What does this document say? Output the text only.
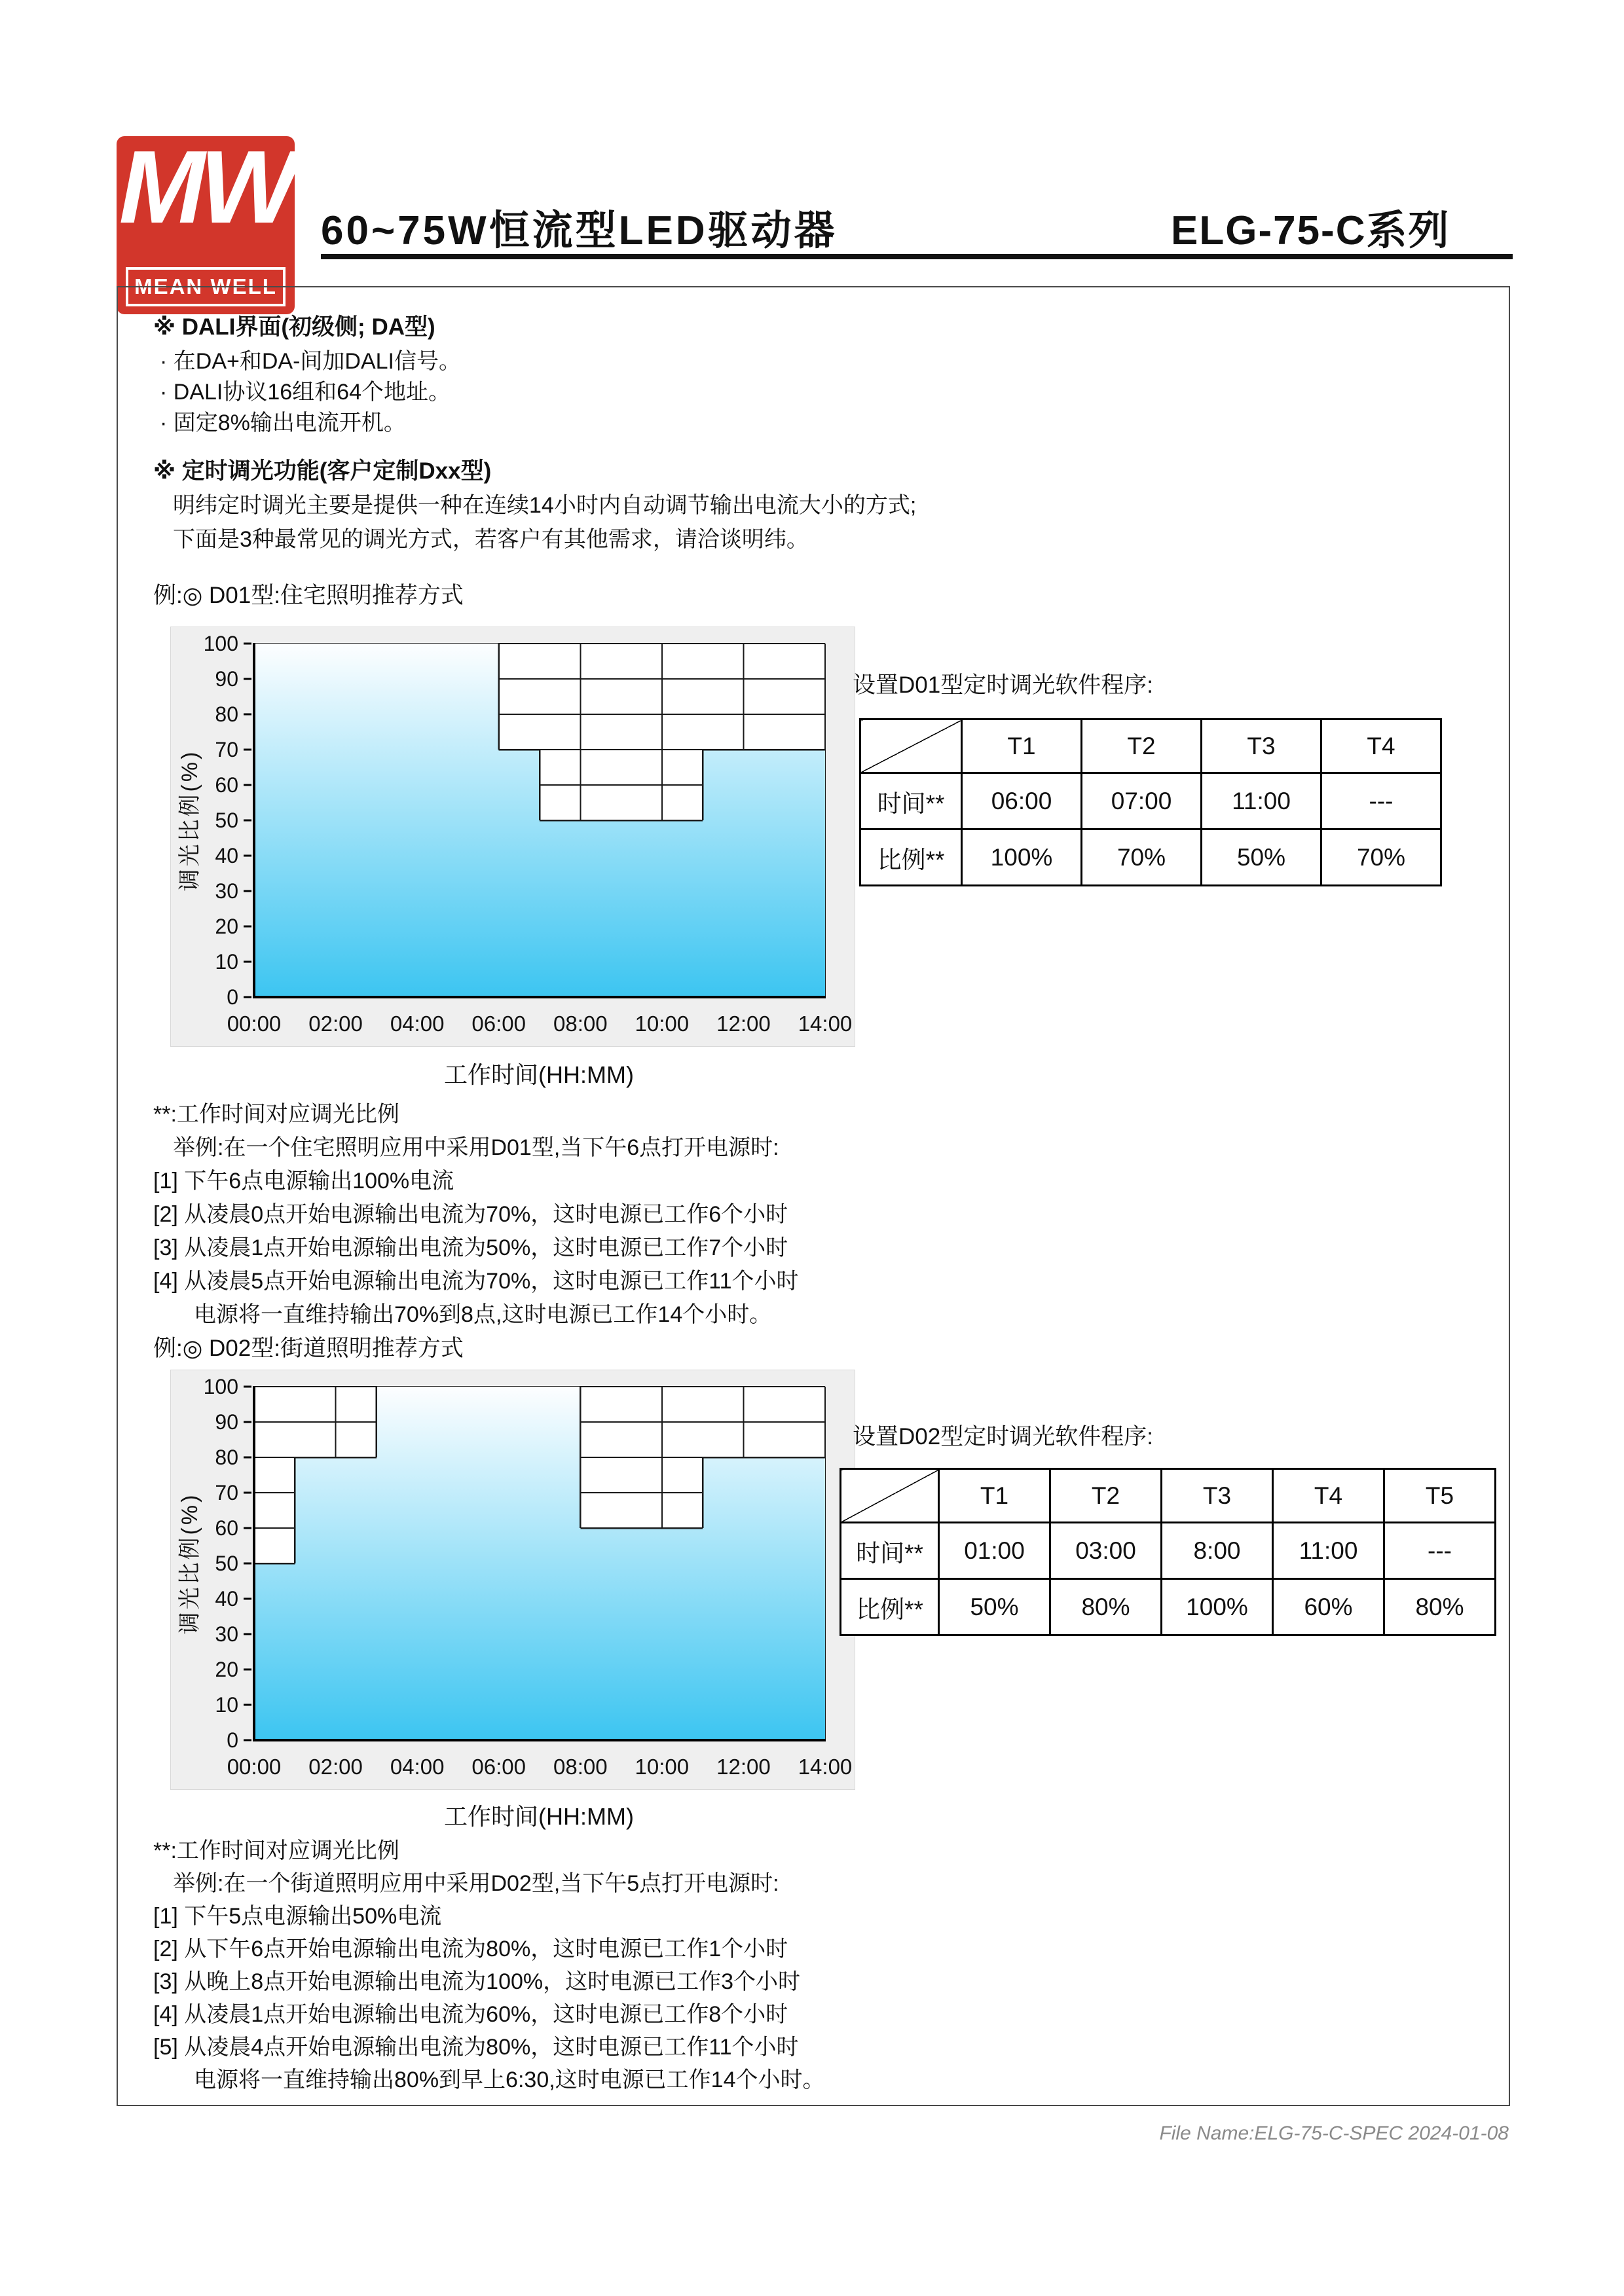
MW
MEAN WELL
60~75W恒流型LED驱动器	ELG-75-C系列
※ DALI界面(初级侧; DA型)
· 在DA+和DA-间加DALI信号。
· DALI协议16组和64个地址。
· 固定8%输出电流开机。
※ 定时调光功能(客户定制Dxx型)
明纬定时调光主要是提供一种在连续14小时内自动调节输出电流大小的方式;
下面是3种最常见的调光方式，若客户有其他需求，请洽谈明纬。
例:◎ D01型:住宅照明推荐方式
0
10
20
30
40
50
60
70
80
90
100
00:00 02:00 04:00 06:00 08:00 10:00 12:00 14:00
调光比例(%)
工作时间(HH:MM)
设置D01型定时调光软件程序:
	T1	T2	T3	T4
时间**	06:00	07:00	11:00	---
比例**	100%	70%	50%	70%
**:工作时间对应调光比例
举例:在一个住宅照明应用中采用D01型,当下午6点打开电源时:
[1] 下午6点电源输出100%电流
[2] 从凌晨0点开始电源输出电流为70%，这时电源已工作6个小时
[3] 从凌晨1点开始电源输出电流为50%，这时电源已工作7个小时
[4] 从凌晨5点开始电源输出电流为70%，这时电源已工作11个小时
电源将一直维持输出70%到8点,这时电源已工作14个小时。
例:◎ D02型:街道照明推荐方式
0
10
20
30
40
50
60
70
80
90
100
00:00 02:00 04:00 06:00 08:00 10:00 12:00 14:00
调光比例(%)
工作时间(HH:MM)
设置D02型定时调光软件程序:
	T1	T2	T3	T4	T5
时间**	01:00	03:00	8:00	11:00	---
比例**	50%	80%	100%	60%	80%
**:工作时间对应调光比例
举例:在一个街道照明应用中采用D02型,当下午5点打开电源时:
[1] 下午5点电源输出50%电流
[2] 从下午6点开始电源输出电流为80%，这时电源已工作1个小时
[3] 从晚上8点开始电源输出电流为100%，这时电源已工作3个小时
[4] 从凌晨1点开始电源输出电流为60%，这时电源已工作8个小时
[5] 从凌晨4点开始电源输出电流为80%，这时电源已工作11个小时
电源将一直维持输出80%到早上6:30,这时电源已工作14个小时。
File Name:ELG-75-C-SPEC 2024-01-08
